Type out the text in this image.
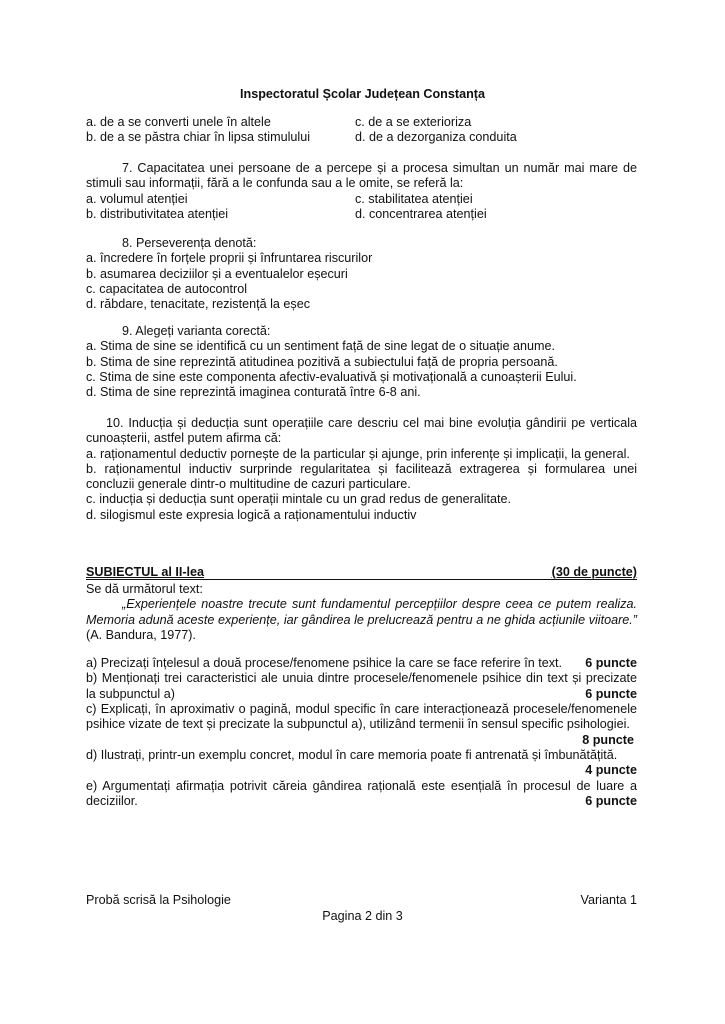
Inspectoratul Școlar Județean Constanța
a. de a se converti unele în altele	c. de a se exterioriza
b. de a se păstra chiar în lipsa stimulului	d. de a dezorganiza conduita
7. Capacitatea unei persoane de a percepe și a procesa simultan un număr mai mare de stimuli sau informații, fără a le confunda sau a le omite, se referă la:
a. volumul atenției	c. stabilitatea atenției
b. distributivitatea atenției	d. concentrarea atenției
8. Perseverența denotă:
a. încredere în forțele proprii și înfruntarea riscurilor
b. asumarea deciziilor și a eventualelor eșecuri
c. capacitatea de autocontrol
d. răbdare, tenacitate, rezistență la eșec
9. Alegeți varianta corectă:
a. Stima de sine se identifică cu un sentiment față de sine legat de o situație anume.
b. Stima de sine reprezintă atitudinea pozitivă a subiectului față de propria persoană.
c. Stima de sine este componenta afectiv-evaluativă și motivațională a cunoașterii Eului.
d. Stima de sine reprezintă imaginea conturată între 6-8 ani.
10. Inducția și deducția sunt operațiile care descriu cel mai bine evoluția gândirii pe verticala cunoașterii, astfel putem afirma că:
a. raționamentul deductiv pornește de la particular și ajunge, prin inferențe și implicații, la general.
b. raționamentul inductiv surprinde regularitatea și facilitează extragerea și formularea unei concluzii generale dintr-o multitudine de cazuri particulare.
c. inducția și deducția sunt operații mintale cu un grad redus de generalitate.
d. silogismul este expresia logică a raționamentului inductiv
SUBIECTUL al II-lea	(30 de puncte)
Se dă următorul text:
„Experiențele noastre trecute sunt fundamentul percepțiilor despre ceea ce putem realiza. Memoria adună aceste experiențe, iar gândirea le prelucrează pentru a ne ghida acțiunile viitoare.” (A. Bandura, 1977).
a) Precizați înțelesul a două procese/fenomene psihice la care se face referire în text. 6 puncte
b) Menționați trei caracteristici ale unuia dintre procesele/fenomenele psihice din text și precizate la subpunctul a)	6 puncte
c) Explicați, în aproximativ o pagină, modul specific în care interacționează procesele/fenomenele psihice vizate de text și precizate la subpunctul a), utilizând termenii în sensul specific psihologiei.
8 puncte
d) Ilustrați, printr-un exemplu concret, modul în care memoria poate fi antrenată și îmbunătățită.
4 puncte
e) Argumentați afirmația potrivit căreia gândirea rațională este esențială în procesul de luare a deciziilor.	6 puncte
Probă scrisă la Psihologie	Varianta 1
Pagina 2 din 3
